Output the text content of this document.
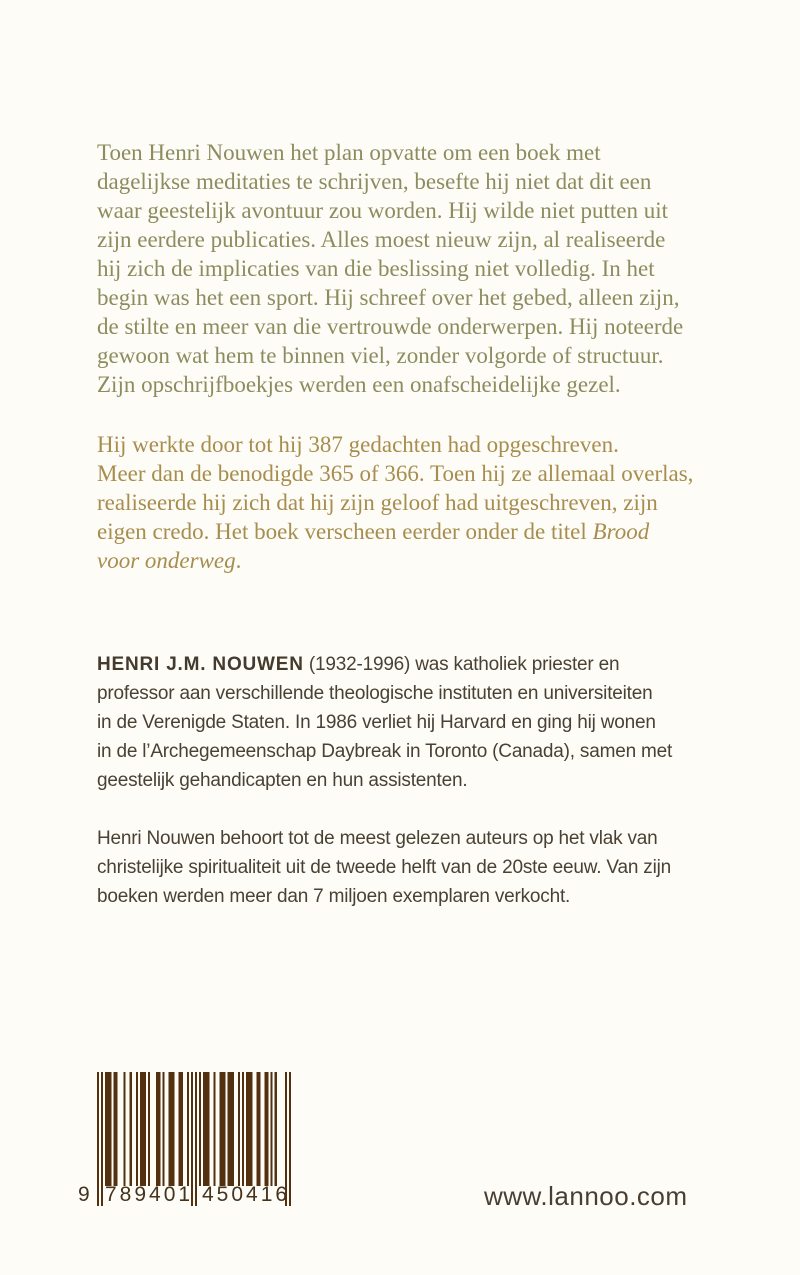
Toen Henri Nouwen het plan opvatte om een boek met
dagelijkse meditaties te schrijven, besefte hij niet dat dit een
waar geestelijk avontuur zou worden. Hij wilde niet putten uit
zijn eerdere publicaties. Alles moest nieuw zijn, al realiseerde
hij zich de implicaties van die beslissing niet volledig. In het
begin was het een sport. Hij schreef over het gebed, alleen zijn,
de stilte en meer van die vertrouwde onderwerpen. Hij noteerde
gewoon wat hem te binnen viel, zonder volgorde of structuur.
Zijn opschrijfboekjes werden een onafscheidelijke gezel.
Hij werkte door tot hij 387 gedachten had opgeschreven.
Meer dan de benodigde 365 of 366. Toen hij ze allemaal overlas,
realiseerde hij zich dat hij zijn geloof had uitgeschreven, zijn
eigen credo. Het boek verscheen eerder onder de titel Brood
voor onderweg.
HENRI J.M. NOUWEN (1932-1996) was katholiek priester en
professor aan verschillende theologische instituten en universiteiten
in de Verenigde Staten. In 1986 verliet hij Harvard en ging hij wonen
in de l’Archegemeenschap Daybreak in Toronto (Canada), samen met
geestelijk gehandicapten en hun assistenten.
Henri Nouwen behoort tot de meest gelezen auteurs op het vlak van
christelijke spiritualiteit uit de tweede helft van de 20ste eeuw. Van zijn
boeken werden meer dan 7 miljoen exemplaren verkocht.
9 789401 450416	www.lannoo.com
